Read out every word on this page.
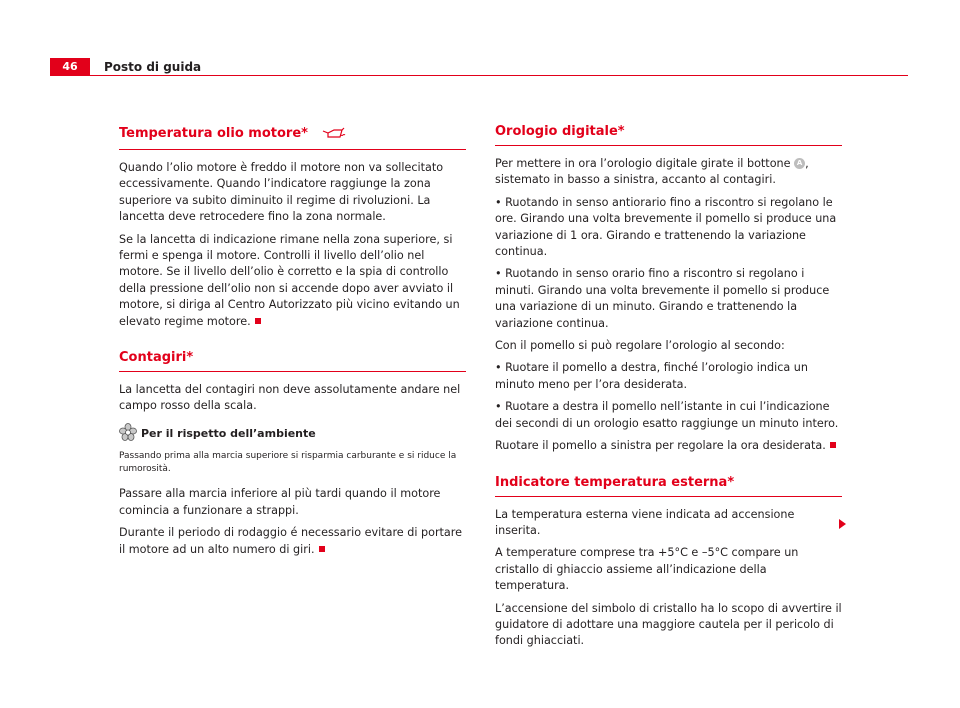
46	Posto di guida
Temperatura olio motore*

Quando l’olio motore è freddo il motore non va sollecitato eccessivamente. Quando l’indicatore raggiunge la zona superiore va subito diminuito il regime di rivoluzioni. La lancetta deve retrocedere fino la zona normale.

Se la lancetta di indicazione rimane nella zona superiore, si fermi e spenga il motore. Controlli il livello dell’olio nel motore. Se il livello dell’olio è corretto e la spia di controllo della pressione dell’olio non si accende dopo aver avviato il motore, si diriga al Centro Autorizzato più vicino evitando un elevato regime motore.

Contagiri*

La lancetta del contagiri non deve assolutamente andare nel campo rosso della scala.

Per il rispetto dell’ambiente

Passando prima alla marcia superiore si risparmia carburante e si riduce la rumorosità.

Passare alla marcia inferiore al più tardi quando il motore comincia a funzionare a strappi.

Durante il periodo di rodaggio é necessario evitare di portare il motore ad un alto numero di giri.

Orologio digitale*

Per mettere in ora l’orologio digitale girate il bottone A , sistemato in basso a sinistra, accanto al contagiri.

• Ruotando in senso antiorario fino a riscontro si regolano le ore. Girando una volta brevemente il pomello si produce una variazione di 1 ora. Girando e trattenendo la variazione continua.

• Ruotando in senso orario fino a riscontro si regolano i minuti. Girando una volta brevemente il pomello si produce una variazione di un minuto. Girando e trattenendo la variazione continua.

Con il pomello si può regolare l’orologio al secondo:

• Ruotare il pomello a destra, finché l’orologio indica un minuto meno per l’ora desiderata.

• Ruotare a destra il pomello nell’istante in cui l’indicazione dei secondi di un orologio esatto raggiunge un minuto intero.

Ruotare il pomello a sinistra per regolare la ora desiderata.

Indicatore temperatura esterna*

La temperatura esterna viene indicata ad accensione inserita.

A temperature comprese tra +5°C e –5°C compare un cristallo di ghiaccio assieme all’indicazione della temperatura.

L’accensione del simbolo di cristallo ha lo scopo di avvertire il guidatore di adottare una maggiore cautela per il pericolo di fondi ghiacciati.
